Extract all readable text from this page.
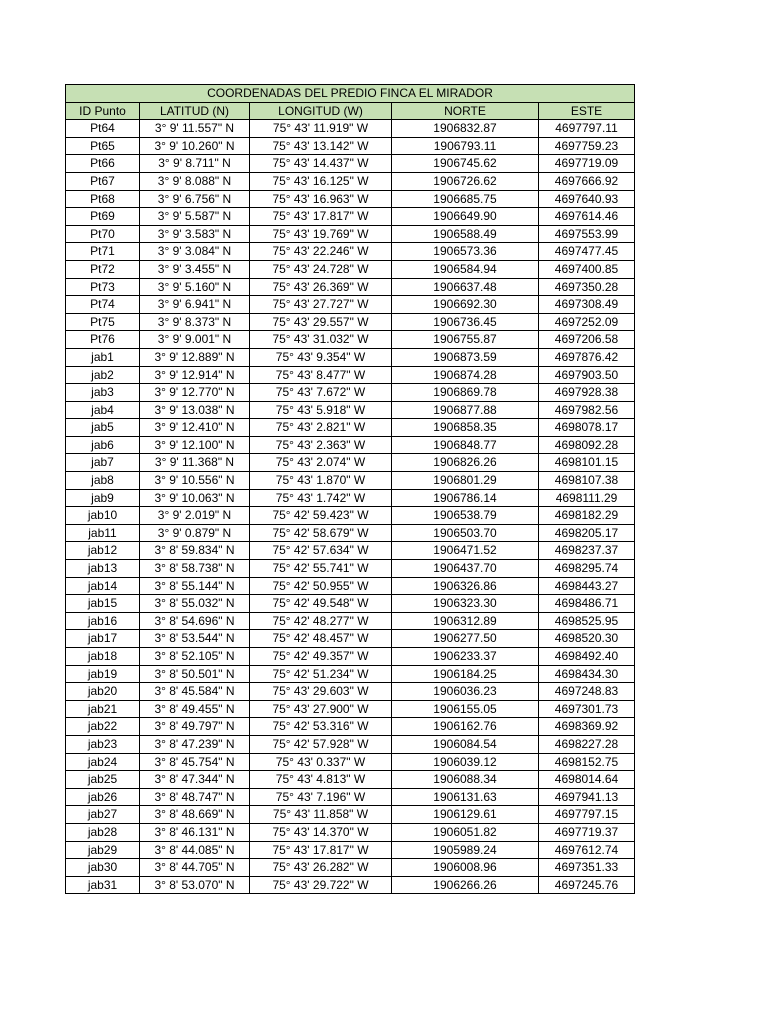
COORDENADAS DEL PREDIO FINCA EL MIRADOR				
ID Punto	LATITUD (N)	LONGITUD (W)	NORTE	ESTE
Pt64	3° 9' 11.557" N	75° 43' 11.919" W	1906832.87	4697797.11
Pt65	3° 9' 10.260" N	75° 43' 13.142" W	1906793.11	4697759.23
Pt66	3° 9' 8.711" N	75° 43' 14.437" W	1906745.62	4697719.09
Pt67	3° 9' 8.088" N	75° 43' 16.125" W	1906726.62	4697666.92
Pt68	3° 9' 6.756" N	75° 43' 16.963" W	1906685.75	4697640.93
Pt69	3° 9' 5.587" N	75° 43' 17.817" W	1906649.90	4697614.46
Pt70	3° 9' 3.583" N	75° 43' 19.769" W	1906588.49	4697553.99
Pt71	3° 9' 3.084" N	75° 43' 22.246" W	1906573.36	4697477.45
Pt72	3° 9' 3.455" N	75° 43' 24.728" W	1906584.94	4697400.85
Pt73	3° 9' 5.160" N	75° 43' 26.369" W	1906637.48	4697350.28
Pt74	3° 9' 6.941" N	75° 43' 27.727" W	1906692.30	4697308.49
Pt75	3° 9' 8.373" N	75° 43' 29.557" W	1906736.45	4697252.09
Pt76	3° 9' 9.001" N	75° 43' 31.032" W	1906755.87	4697206.58
jab1	3° 9' 12.889" N	75° 43' 9.354" W	1906873.59	4697876.42
jab2	3° 9' 12.914" N	75° 43' 8.477" W	1906874.28	4697903.50
jab3	3° 9' 12.770" N	75° 43' 7.672" W	1906869.78	4697928.38
jab4	3° 9' 13.038" N	75° 43' 5.918" W	1906877.88	4697982.56
jab5	3° 9' 12.410" N	75° 43' 2.821" W	1906858.35	4698078.17
jab6	3° 9' 12.100" N	75° 43' 2.363" W	1906848.77	4698092.28
jab7	3° 9' 11.368" N	75° 43' 2.074" W	1906826.26	4698101.15
jab8	3° 9' 10.556" N	75° 43' 1.870" W	1906801.29	4698107.38
jab9	3° 9' 10.063" N	75° 43' 1.742" W	1906786.14	4698111.29
jab10	3° 9' 2.019" N	75° 42' 59.423" W	1906538.79	4698182.29
jab11	3° 9' 0.879" N	75° 42' 58.679" W	1906503.70	4698205.17
jab12	3° 8' 59.834" N	75° 42' 57.634" W	1906471.52	4698237.37
jab13	3° 8' 58.738" N	75° 42' 55.741" W	1906437.70	4698295.74
jab14	3° 8' 55.144" N	75° 42' 50.955" W	1906326.86	4698443.27
jab15	3° 8' 55.032" N	75° 42' 49.548" W	1906323.30	4698486.71
jab16	3° 8' 54.696" N	75° 42' 48.277" W	1906312.89	4698525.95
jab17	3° 8' 53.544" N	75° 42' 48.457" W	1906277.50	4698520.30
jab18	3° 8' 52.105" N	75° 42' 49.357" W	1906233.37	4698492.40
jab19	3° 8' 50.501" N	75° 42' 51.234" W	1906184.25	4698434.30
jab20	3° 8' 45.584" N	75° 43' 29.603" W	1906036.23	4697248.83
jab21	3° 8' 49.455" N	75° 43' 27.900" W	1906155.05	4697301.73
jab22	3° 8' 49.797" N	75° 42' 53.316" W	1906162.76	4698369.92
jab23	3° 8' 47.239" N	75° 42' 57.928" W	1906084.54	4698227.28
jab24	3° 8' 45.754" N	75° 43' 0.337" W	1906039.12	4698152.75
jab25	3° 8' 47.344" N	75° 43' 4.813" W	1906088.34	4698014.64
jab26	3° 8' 48.747" N	75° 43' 7.196" W	1906131.63	4697941.13
jab27	3° 8' 48.669" N	75° 43' 11.858" W	1906129.61	4697797.15
jab28	3° 8' 46.131" N	75° 43' 14.370" W	1906051.82	4697719.37
jab29	3° 8' 44.085" N	75° 43' 17.817" W	1905989.24	4697612.74
jab30	3° 8' 44.705" N	75° 43' 26.282" W	1906008.96	4697351.33
jab31	3° 8' 53.070" N	75° 43' 29.722" W	1906266.26	4697245.76
